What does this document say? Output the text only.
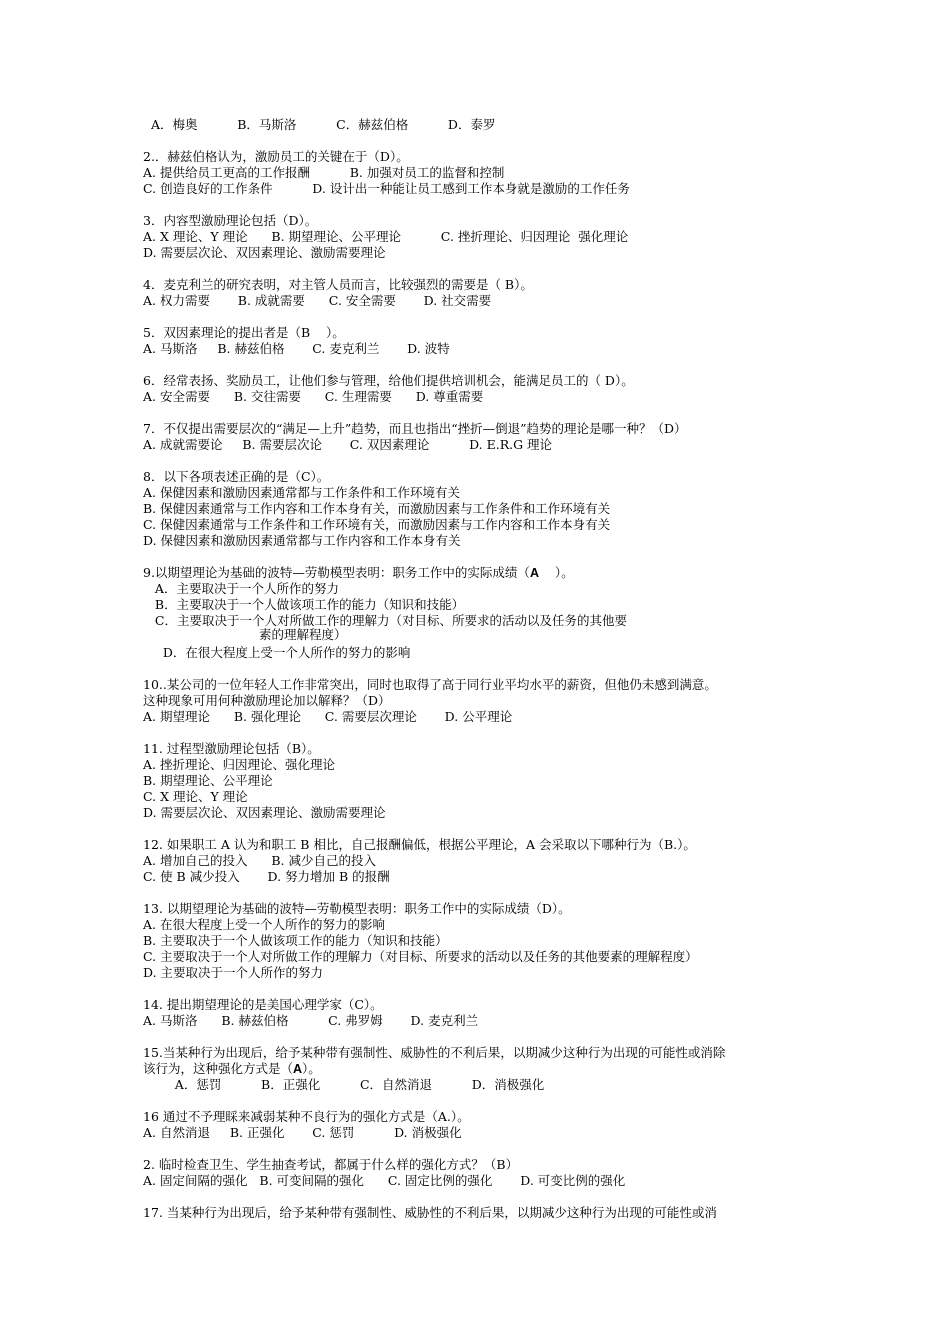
A．梅奥          B．马斯洛          C．赫兹伯格          D．泰罗
2.．赫兹伯格认为，激励员工的关键在于（D）。
A. 提供给员工更高的工作报酬          B. 加强对员工的监督和控制
C. 创造良好的工作条件          D. 设计出一种能让员工感到工作本身就是激励的工作任务
3．内容型激励理论包括（D）。
A. X 理论、Y 理论      B. 期望理论、公平理论          C. 挫折理论、归因理论  强化理论
D. 需要层次论、双因素理论、激励需要理论
4．麦克利兰的研究表明，对主管人员而言，比较强烈的需要是（ B）。
A. 权力需要       B. 成就需要      C. 安全需要       D. 社交需要
5．双因素理论的提出者是（B    ）。
A. 马斯洛     B. 赫兹伯格       C. 麦克利兰       D. 波特
6．经常表扬、奖励员工，让他们参与管理，给他们提供培训机会，能满足员工的（ D）。
A. 安全需要      B. 交往需要      C. 生理需要      D. 尊重需要
7．不仅提出需要层次的“满足—上升”趋势，而且也指出“挫折—倒退”趋势的理论是哪一种？（D）
A. 成就需要论     B. 需要层次论       C. 双因素理论          D. E.R.G 理论
8．以下各项表述正确的是（C）。
A. 保健因素和激励因素通常都与工作条件和工作环境有关
B. 保健因素通常与工作内容和工作本身有关，而激励因素与工作条件和工作环境有关
C. 保健因素通常与工作条件和工作环境有关，而激励因素与工作内容和工作本身有关
D. 保健因素和激励因素通常都与工作内容和工作本身有关
9.以期望理论为基础的波特—劳勒模型表明：职务工作中的实际成绩（A    ）。
A．主要取决于一个人所作的努力
B．主要取决于一个人做该项工作的能力（知识和技能）
C．主要取决于一个人对所做工作的理解力（对目标、所要求的活动以及任务的其他要
素的理解程度）
D．在很大程度上受一个人所作的努力的影响
10..某公司的一位年轻人工作非常突出，同时也取得了高于同行业平均水平的薪资，但他仍未感到满意。
这种现象可用何种激励理论加以解释？（D）
A. 期望理论      B. 强化理论      C. 需要层次理论       D. 公平理论
11. 过程型激励理论包括（B）。
A. 挫折理论、归因理论、强化理论
B. 期望理论、公平理论
C. X 理论、Y 理论
D. 需要层次论、双因素理论、激励需要理论
12. 如果职工 A 认为和职工 B 相比，自己报酬偏低，根据公平理论，A 会采取以下哪种行为（B.）。
A. 增加自己的投入      B. 减少自己的投入
C. 使 B 减少投入       D. 努力增加 B 的报酬
13. 以期望理论为基础的波特—劳勒模型表明：职务工作中的实际成绩（D）。
A. 在很大程度上受一个人所作的努力的影响
B. 主要取决于一个人做该项工作的能力（知识和技能）
C. 主要取决于一个人对所做工作的理解力（对目标、所要求的活动以及任务的其他要素的理解程度）
D. 主要取决于一个人所作的努力
14. 提出期望理论的是美国心理学家（C）。
A. 马斯洛      B. 赫兹伯格          C. 弗罗姆       D. 麦克利兰
15.当某种行为出现后，给予某种带有强制性、威胁性的不利后果，以期减少这种行为出现的可能性或消除
该行为，这种强化方式是（A）。
A．惩罚          B．正强化          C．自然消退          D．消极强化
16 通过不予理睬来减弱某种不良行为的强化方式是（A.）。
A. 自然消退     B. 正强化       C. 惩罚          D. 消极强化
2. 临时检查卫生、学生抽查考试，都属于什么样的强化方式？（B）
A. 固定间隔的强化   B. 可变间隔的强化      C. 固定比例的强化       D. 可变比例的强化
17. 当某种行为出现后，给予某种带有强制性、威胁性的不利后果，以期减少这种行为出现的可能性或消
